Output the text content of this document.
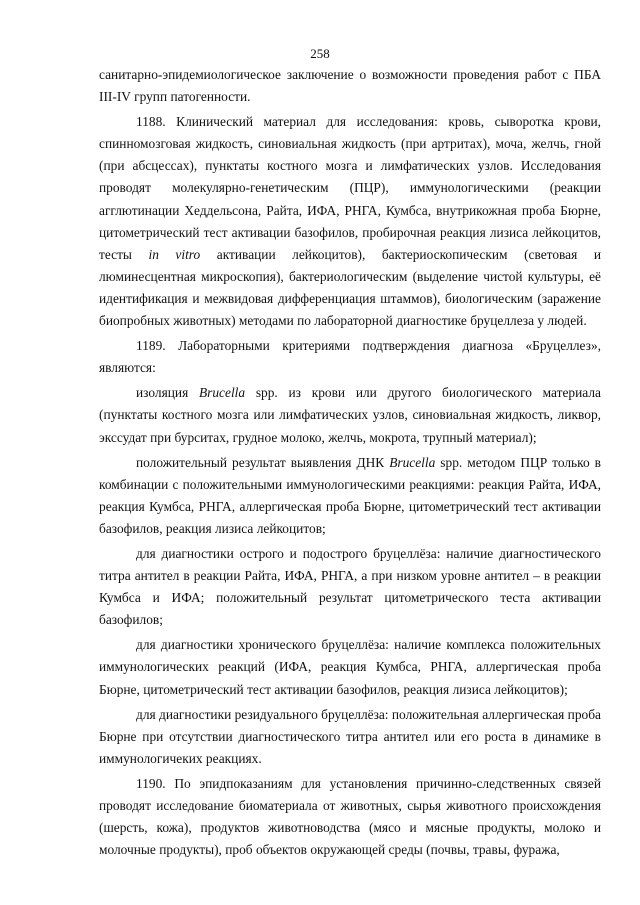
258

санитарно-эпидемиологическое заключение о возможности проведения работ с ПБА III-IV групп патогенности.

1188. Клинический материал для исследования: кровь, сыворотка крови, спинномозговая жидкость, синовиальная жидкость (при артритах), моча, желчь, гной (при абсцессах), пунктаты костного мозга и лимфатических узлов. Исследования проводят молекулярно-генетическим (ПЦР), иммунологическими (реакции агглютинации Хеддельсона, Райта, ИФА, РНГА, Кумбса, внутрикожная проба Бюрне, цитометрический тест активации базофилов, пробирочная реакция лизиса лейкоцитов, тесты in vitro активации лейкоцитов), бактериоскопическим (световая и люминесцентная микроскопия), бактериологическим (выделение чистой культуры, её идентификация и межвидовая дифференциация штаммов), биологическим (заражение биопробных животных) методами по лабораторной диагностике бруцеллеза у людей.

1189. Лабораторными критериями подтверждения диагноза «Бруцеллез», являются:

изоляция Brucella spp. из крови или другого биологического материала (пунктаты костного мозга или лимфатических узлов, синовиальная жидкость, ликвор, экссудат при бурситах, грудное молоко, желчь, мокрота, трупный материал);

положительный результат выявления ДНК Brucella spp. методом ПЦР только в комбинации с положительными иммунологическими реакциями: реакция Райта, ИФА, реакция Кумбса, РНГА, аллергическая проба Бюрне, цитометрический тест активации базофилов, реакция лизиса лейкоцитов;

для диагностики острого и подострого бруцеллёза: наличие диагностического титра антител в реакции Райта, ИФА, РНГА, а при низком уровне антител – в реакции Кумбса и ИФА; положительный результат цитометрического теста активации базофилов;

для диагностики хронического бруцеллёза: наличие комплекса положительных иммунологических реакций (ИФА, реакция Кумбса, РНГА, аллергическая проба Бюрне, цитометрический тест активации базофилов, реакция лизиса лейкоцитов);

для диагностики резидуального бруцеллёза: положительная аллергическая проба Бюрне при отсутствии диагностического титра антител или его роста в динамике в иммунологичеких реакциях.

1190. По эпидпоказаниям для установления причинно-следственных связей проводят исследование биоматериала от животных, сырья животного происхождения (шерсть, кожа), продуктов животноводства (мясо и мясные продукты, молоко и молочные продукты), проб объектов окружающей среды (почвы, травы, фуража,
